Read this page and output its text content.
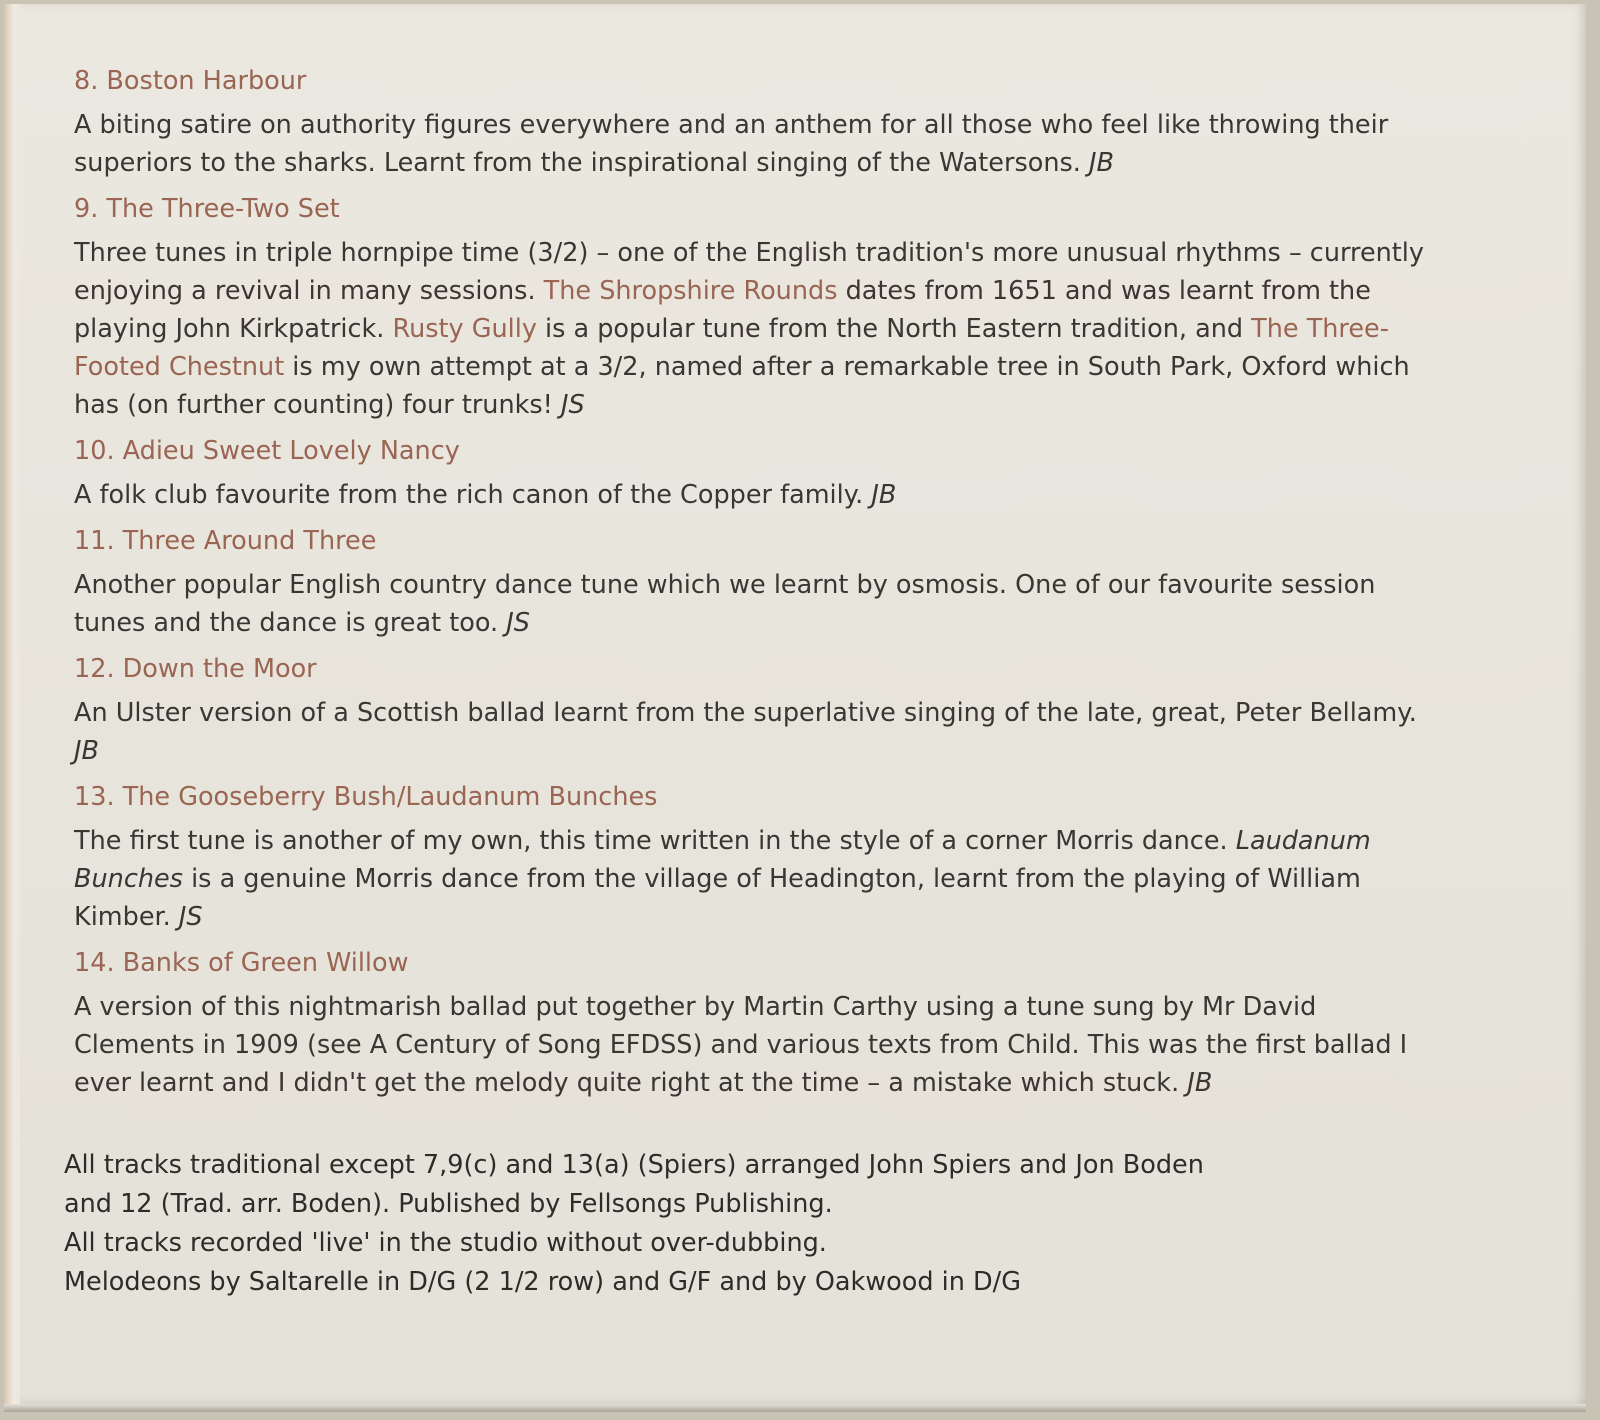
8. Boston Harbour

A biting satire on authority figures everywhere and an anthem for all those who feel like throwing their superiors to the sharks. Learnt from the inspirational singing of the Watersons. JB

9. The Three-Two Set

Three tunes in triple hornpipe time (3/2) – one of the English tradition's more unusual rhythms – currently enjoying a revival in many sessions. The Shropshire Rounds dates from 1651 and was learnt from the playing John Kirkpatrick. Rusty Gully is a popular tune from the North Eastern tradition, and The Three-Footed Chestnut is my own attempt at a 3/2, named after a remarkable tree in South Park, Oxford which has (on further counting) four trunks! JS

10. Adieu Sweet Lovely Nancy

A folk club favourite from the rich canon of the Copper family. JB

11. Three Around Three

Another popular English country dance tune which we learnt by osmosis. One of our favourite session tunes and the dance is great too. JS

12. Down the Moor

An Ulster version of a Scottish ballad learnt from the superlative singing of the late, great, Peter Bellamy. JB

13. The Gooseberry Bush/Laudanum Bunches

The first tune is another of my own, this time written in the style of a corner Morris dance. Laudanum Bunches is a genuine Morris dance from the village of Headington, learnt from the playing of William Kimber. JS

14. Banks of Green Willow

A version of this nightmarish ballad put together by Martin Carthy using a tune sung by Mr David Clements in 1909 (see A Century of Song EFDSS) and various texts from Child. This was the first ballad I ever learnt and I didn't get the melody quite right at the time – a mistake which stuck. JB

All tracks traditional except 7,9(c) and 13(a) (Spiers) arranged John Spiers and Jon Boden
and 12 (Trad. arr. Boden). Published by Fellsongs Publishing.
All tracks recorded 'live' in the studio without over-dubbing.
Melodeons by Saltarelle in D/G (2 1/2 row) and G/F and by Oakwood in D/G
